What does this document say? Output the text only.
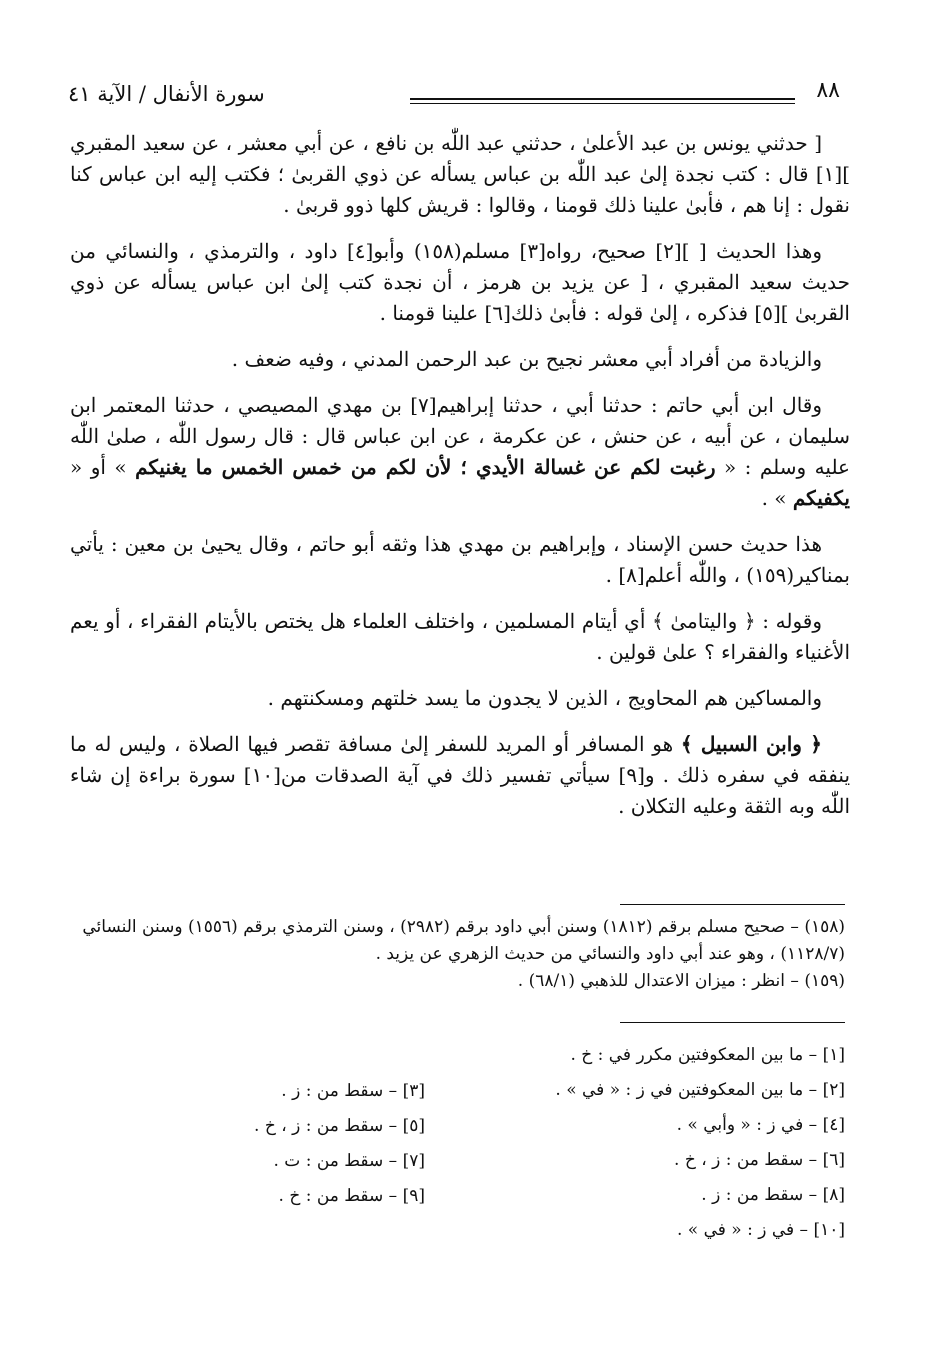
٨٨
سورة الأنفال / الآية ٤١

[ حدثني يونس بن عبد الأعلىٰ ، حدثني عبد اللّٰه بن نافع ، عن أبي معشر ، عن سعيد المقبري ][١] قال : كتب نجدة إلىٰ عبد اللّٰه بن عباس يسأله عن ذوي القربىٰ ؛ فكتب إليه ابن عباس كنا نقول : إنا هم ، فأبىٰ علينا ذلك قومنا ، وقالوا : قريش كلها ذوو قربىٰ .

وهذا الحديث [ ][٢] صحيح، رواه[٣] مسلم(١٥٨) وأبو[٤] داود ، والترمذي ، والنسائي من حديث سعيد المقبري ، [ عن يزيد بن هرمز ، أن نجدة كتب إلىٰ ابن عباس يسأله عن ذوي القربىٰ ][٥] فذكره ، إلىٰ قوله : فأبىٰ ذلك[٦] علينا قومنا .

والزيادة من أفراد أبي معشر نجيح بن عبد الرحمن المدني ، وفيه ضعف .

وقال ابن أبي حاتم : حدثنا أبي ، حدثنا إبراهيم[٧] بن مهدي المصيصي ، حدثنا المعتمر ابن سليمان ، عن أبيه ، عن حنش ، عن عكرمة ، عن ابن عباس قال : قال رسول اللّٰه ، صلىٰ اللّٰه عليه وسلم : « رغبت لكم عن غسالة الأيدي ؛ لأن لكم من خمس الخمس ما يغنيكم » أو « يكفيكم » .

هذا حديث حسن الإسناد ، وإبراهيم بن مهدي هذا وثقه أبو حاتم ، وقال يحيىٰ بن معين : يأتي بمناكير(١٥٩) ، واللّٰه أعلم[٨] .

وقوله : ﴿ واليتامىٰ ﴾ أي أيتام المسلمين ، واختلف العلماء هل يختص بالأيتام الفقراء ، أو يعم الأغنياء والفقراء ؟ علىٰ قولين .

والمساكين هم المحاويج ، الذين لا يجدون ما يسد خلتهم ومسكنتهم .

﴿ وابن السبيل ﴾ هو المسافر أو المريد للسفر إلىٰ مسافة تقصر فيها الصلاة ، وليس له ما ينفقه في سفره ذلك . و[٩] سيأتي تفسير ذلك في آية الصدقات من[١٠] سورة براءة إن شاء اللّٰه وبه الثقة وعليه التكلان .

(١٥٨) – صحيح مسلم برقم (١٨١٢) وسنن أبي داود برقم (٢٩٨٢) ، وسنن الترمذي برقم (١٥٥٦) وسنن النسائي (١١٢٨/٧) ، وهو عند أبي داود والنسائي من حديث الزهري عن يزيد .

(١٥٩) – انظر : ميزان الاعتدال للذهبي (٦٨/١) .

[١] – ما بين المعكوفتين مكرر في : خ .
[٢] – ما بين المعكوفتين في ز : « في » .
[٤] – في ز : « وأبي » .
[٦] – سقط من : ز ، خ .
[٨] – سقط من : ز .
[١٠] – في ز : « في » .
[٣] – سقط من : ز .
[٥] – سقط من : ز ، خ .
[٧] – سقط من : ت .
[٩] – سقط من : خ .
